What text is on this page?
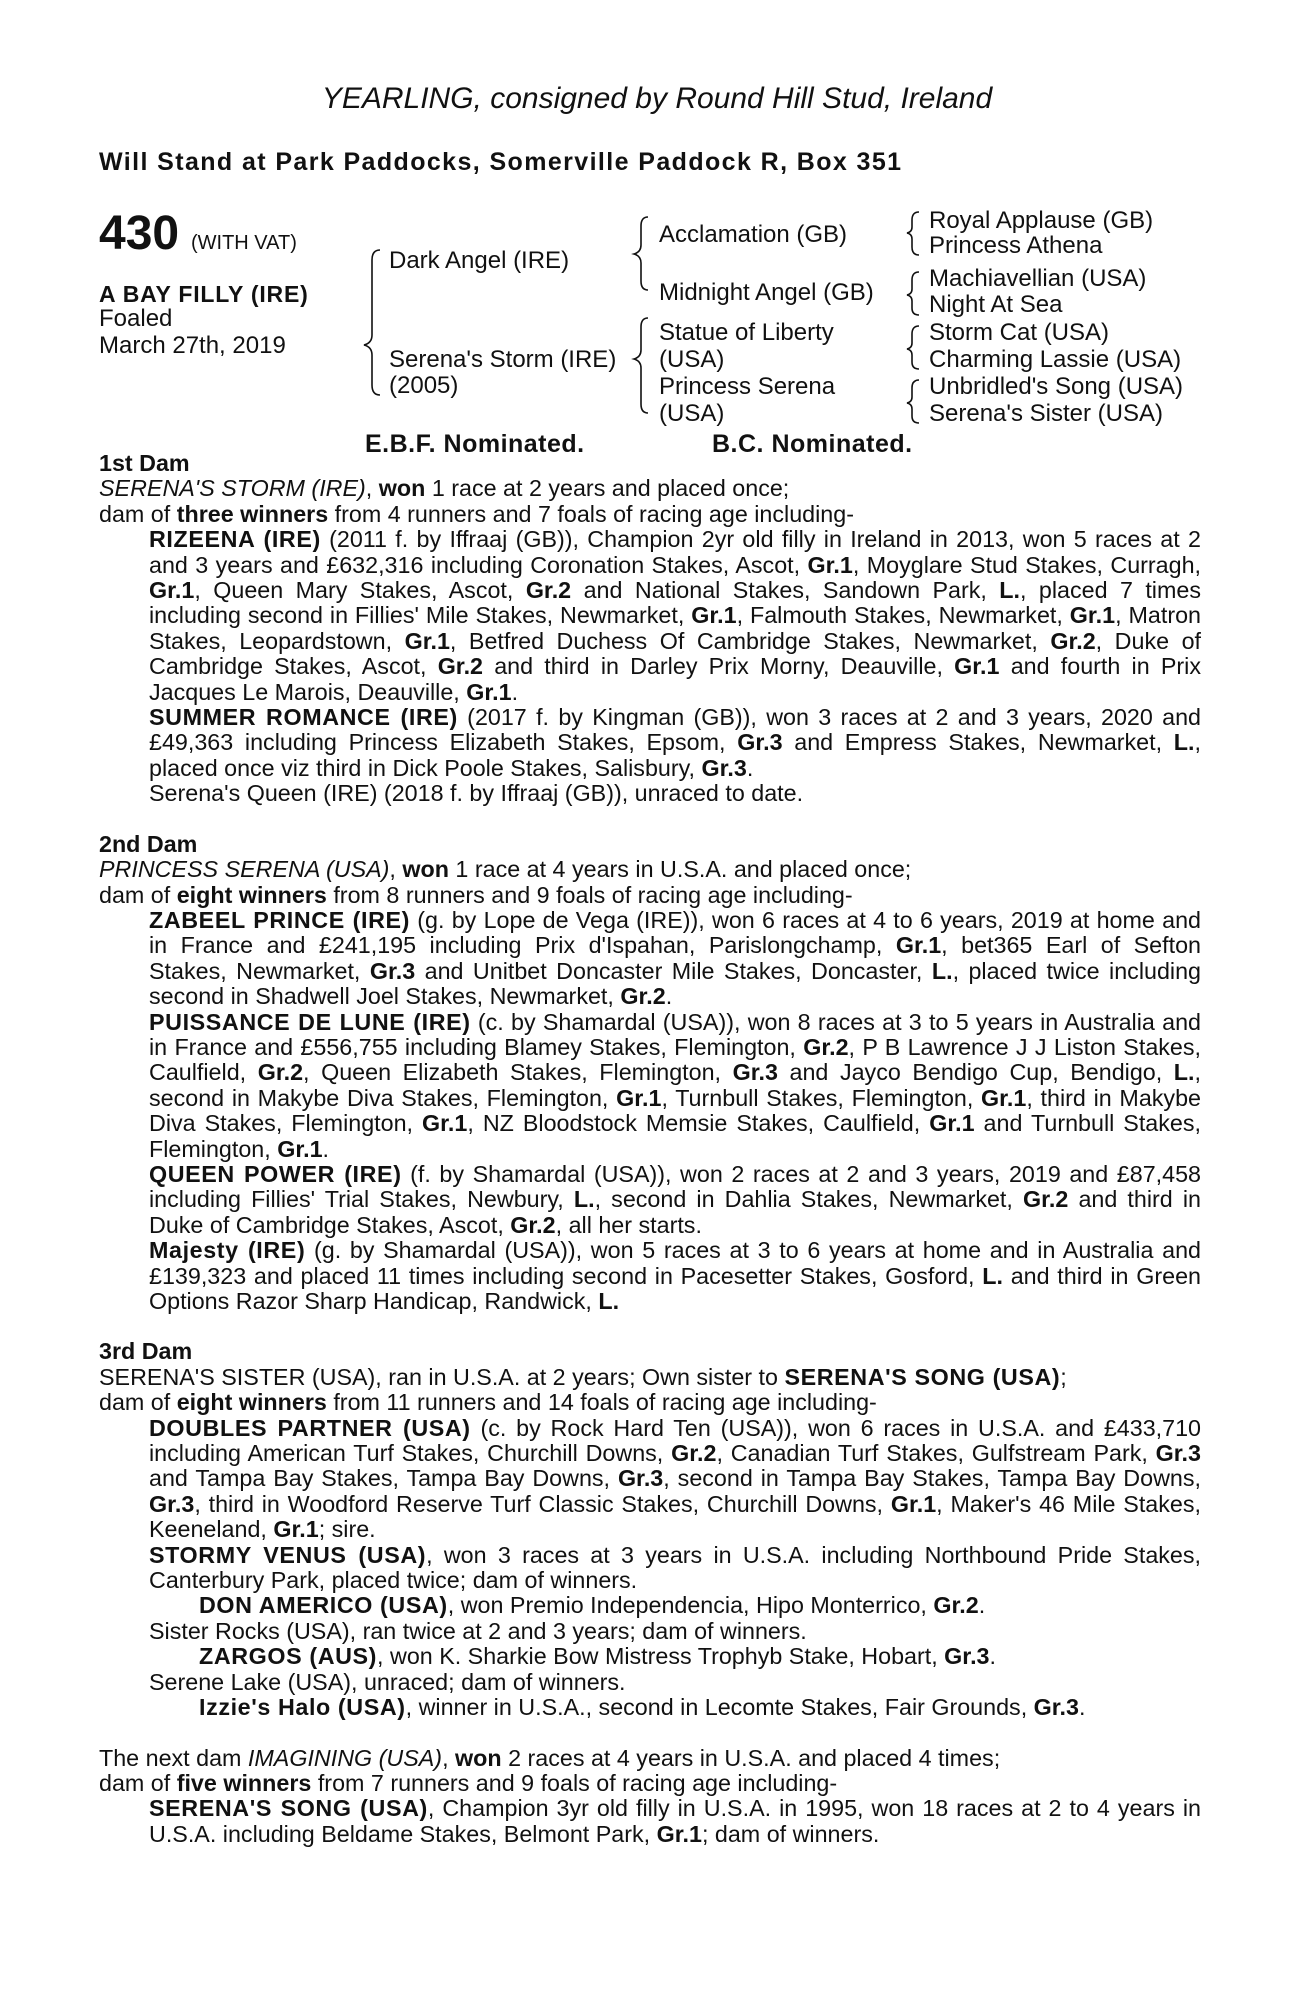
YEARLING, consigned by Round Hill Stud, Ireland
Will Stand at Park Paddocks, Somerville Paddock R, Box 351
430 (WITH VAT)
A BAY FILLY (IRE)
Foaled
March 27th, 2019
Dark Angel (IRE)
Serena's Storm (IRE)
(2005)
Acclamation (GB)
Midnight Angel (GB)
Statue of Liberty
(USA)
Princess Serena
(USA)
Royal Applause (GB)
Princess Athena
Machiavellian (USA)
Night At Sea
Storm Cat (USA)
Charming Lassie (USA)
Unbridled's Song (USA)
Serena's Sister (USA)
E.B.F. Nominated.	B.C. Nominated.

1st Dam

SERENA'S STORM (IRE), won 1 race at 2 years and placed once;

dam of three winners from 4 runners and 7 foals of racing age including-

RIZEENA (IRE) (2011 f. by Iffraaj (GB)), Champion 2yr old filly in Ireland in 2013, won 5 races at 2 and 3 years and £632,316 including Coronation Stakes, Ascot, Gr.1, Moyglare Stud Stakes, Curragh, Gr.1, Queen Mary Stakes, Ascot, Gr.2 and National Stakes, Sandown Park, L., placed 7 times including second in Fillies' Mile Stakes, Newmarket, Gr.1, Falmouth Stakes, Newmarket, Gr.1, Matron Stakes, Leopardstown, Gr.1, Betfred Duchess Of Cambridge Stakes, Newmarket, Gr.2, Duke of Cambridge Stakes, Ascot, Gr.2 and third in Darley Prix Morny, Deauville, Gr.1 and fourth in Prix Jacques Le Marois, Deauville, Gr.1.

SUMMER ROMANCE (IRE) (2017 f. by Kingman (GB)), won 3 races at 2 and 3 years, 2020 and £49,363 including Princess Elizabeth Stakes, Epsom, Gr.3 and Empress Stakes, Newmarket, L., placed once viz third in Dick Poole Stakes, Salisbury, Gr.3.

Serena's Queen (IRE) (2018 f. by Iffraaj (GB)), unraced to date.

2nd Dam

PRINCESS SERENA (USA), won 1 race at 4 years in U.S.A. and placed once;

dam of eight winners from 8 runners and 9 foals of racing age including-

ZABEEL PRINCE (IRE) (g. by Lope de Vega (IRE)), won 6 races at 4 to 6 years, 2019 at home and in France and £241,195 including Prix d'Ispahan, Parislongchamp, Gr.1, bet365 Earl of Sefton Stakes, Newmarket, Gr.3 and Unitbet Doncaster Mile Stakes, Doncaster, L., placed twice including second in Shadwell Joel Stakes, Newmarket, Gr.2.

PUISSANCE DE LUNE (IRE) (c. by Shamardal (USA)), won 8 races at 3 to 5 years in Australia and in France and £556,755 including Blamey Stakes, Flemington, Gr.2, P B Lawrence J J Liston Stakes, Caulfield, Gr.2, Queen Elizabeth Stakes, Flemington, Gr.3 and Jayco Bendigo Cup, Bendigo, L., second in Makybe Diva Stakes, Flemington, Gr.1, Turnbull Stakes, Flemington, Gr.1, third in Makybe Diva Stakes, Flemington, Gr.1, NZ Bloodstock Memsie Stakes, Caulfield, Gr.1 and Turnbull Stakes, Flemington, Gr.1.

QUEEN POWER (IRE) (f. by Shamardal (USA)), won 2 races at 2 and 3 years, 2019 and £87,458 including Fillies' Trial Stakes, Newbury, L., second in Dahlia Stakes, Newmarket, Gr.2 and third in Duke of Cambridge Stakes, Ascot, Gr.2, all her starts.

Majesty (IRE) (g. by Shamardal (USA)), won 5 races at 3 to 6 years at home and in Australia and £139,323 and placed 11 times including second in Pacesetter Stakes, Gosford, L. and third in Green Options Razor Sharp Handicap, Randwick, L.

3rd Dam

SERENA'S SISTER (USA), ran in U.S.A. at 2 years; Own sister to SERENA'S SONG (USA);

dam of eight winners from 11 runners and 14 foals of racing age including-

DOUBLES PARTNER (USA) (c. by Rock Hard Ten (USA)), won 6 races in U.S.A. and £433,710 including American Turf Stakes, Churchill Downs, Gr.2, Canadian Turf Stakes, Gulfstream Park, Gr.3 and Tampa Bay Stakes, Tampa Bay Downs, Gr.3, second in Tampa Bay Stakes, Tampa Bay Downs, Gr.3, third in Woodford Reserve Turf Classic Stakes, Churchill Downs, Gr.1, Maker's 46 Mile Stakes, Keeneland, Gr.1; sire.

STORMY VENUS (USA), won 3 races at 3 years in U.S.A. including Northbound Pride Stakes, Canterbury Park, placed twice; dam of winners.

DON AMERICO (USA), won Premio Independencia, Hipo Monterrico, Gr.2.

Sister Rocks (USA), ran twice at 2 and 3 years; dam of winners.

ZARGOS (AUS), won K. Sharkie Bow Mistress Trophyb Stake, Hobart, Gr.3.

Serene Lake (USA), unraced; dam of winners.

Izzie's Halo (USA), winner in U.S.A., second in Lecomte Stakes, Fair Grounds, Gr.3.

The next dam IMAGINING (USA), won 2 races at 4 years in U.S.A. and placed 4 times;

dam of five winners from 7 runners and 9 foals of racing age including-

SERENA'S SONG (USA), Champion 3yr old filly in U.S.A. in 1995, won 18 races at 2 to 4 years in U.S.A. including Beldame Stakes, Belmont Park, Gr.1; dam of winners.
